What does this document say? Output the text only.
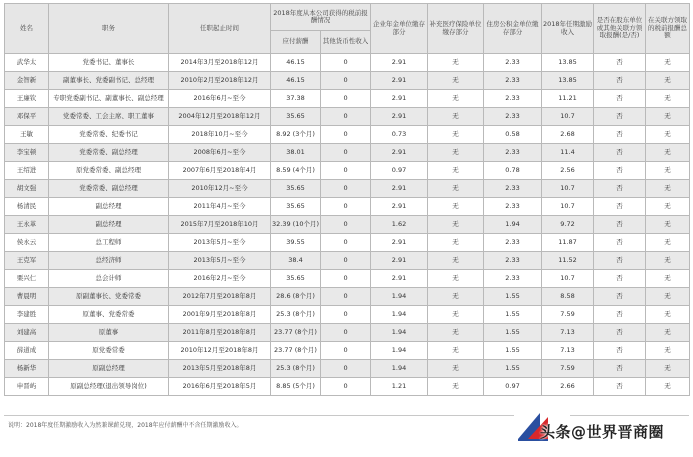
姓名	职务	任职起止时间	2018年度从本公司获得的税前报酬情况		企业年金单位缴存部分	补充医疗保险单位缴存部分	住房公积金单位缴存部分	2018年任期激励收入	是否在股东单位或其他关联方领取报酬(是/否)	在关联方领取的税前报酬总额
			应付薪酬	其他货币性收入						
武华太	党委书记、董事长	2014年3月至2018年12月	46.15	0	2.91	无	2.33	13.85	否	无
金智新	副董事长、党委副书记、总经理	2010年2月至2018年12月	46.15	0	2.91	无	2.33	13.85	否	无
王廉钦	专职党委副书记、副董事长、副总经理	2016年6月~至今	37.38	0	2.91	无	2.33	11.21	否	无
邓保平	党委常委、工会主席、职工董事	2004年12月至2018年12月	35.65	0	2.91	无	2.33	10.7	否	无
王敏	党委常委、纪委书记	2018年10月~至今	8.92 (3个月)	0	0.73	无	0.58	2.68	否	无
李宝顿	党委常委、副总经理	2008年6月~至今	38.01	0	2.91	无	2.33	11.4	否	无
王绍进	原党委常委、副总经理	2007年6月至2018年4月	8.59 (4个月)	0	0.97	无	0.78	2.56	否	无
胡文强	党委常委、副总经理	2010年12月~至今	35.65	0	2.91	无	2.33	10.7	否	无
杨清民	副总经理	2011年4月~至今	35.65	0	2.91	无	2.33	10.7	否	无
王永革	副总经理	2015年7月至2018年10月	32.39 (10个月)	0	1.62	无	1.94	9.72	否	无
侯永云	总工程师	2013年5月~至今	39.55	0	2.91	无	2.33	11.87	否	无
王克军	总经济师	2013年5月~至今	38.4	0	2.91	无	2.33	11.52	否	无
栗兴仁	总会计师	2016年2月~至今	35.65	0	2.91	无	2.33	10.7	否	无
曹晨明	原副董事长、党委常委	2012年7月至2018年8月	28.6 (8个月)	0	1.94	无	1.55	8.58	否	无
李建胜	原董事、党委常委	2001年9月至2018年8月	25.3 (8个月)	0	1.94	无	1.55	7.59	否	无
刘建高	原董事	2011年8月至2018年8月	23.77 (8个月)	0	1.94	无	1.55	7.13	否	无
薛道成	原党委常委	2010年12月至2018年8月	23.77 (8个月)	0	1.94	无	1.55	7.13	否	无
杨新华	原副总经理	2013年5月至2018年8月	25.3 (8个月)	0	1.94	无	1.55	7.59	否	无
申晋屿	原副总经理(退出领导岗位)	2016年6月至2018年5月	8.85 (5个月)	0	1.21	无	0.97	2.66	否	无
说明：2018年度任期激励收入为然兼课薪兑现，2018年应付薪酬中不含任期激励收入。	头条@世界晋商圈
